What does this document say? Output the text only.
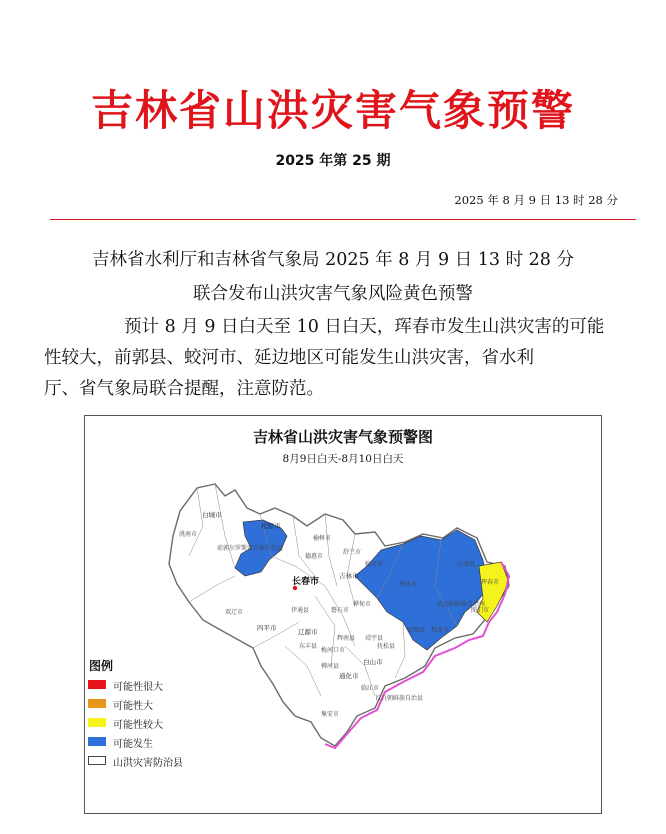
吉林省山洪灾害气象预警
2025 年第 25 期
2025 年 8 月 9 日 13 时 28 分
吉林省水利厅和吉林省气象局 2025 年 8 月 9 日 13 时 28 分
联合发布山洪灾害气象风险黄色预警
预计 8 月 9 日白天至 10 日白天，珲春市发生山洪灾害的可能
性较大，前郭县、蛟河市、延边地区可能发生山洪灾害，省水利
厅、省气象局联合提醒，注意防范。
吉林省山洪灾害气象预警图
8月9日白天-8月10日白天
白城市
松原市
长春市
吉林市
四平市	辽源市
通化市
白山市
延边朝鲜族自治州
珲春市
敦化市
安图县 和龙市
汪清县
蛟河市
舒兰市
桦甸市
磐石市
榆树市
前郭尔罗斯蒙古族自治县
图们市
长白朝鲜族自治县
集安市
临江市
抚松县
靖宇县
辉南县
梅河口市
柳河县
洮南市
双辽市
东丰县
伊通县
德惠市
图例
可能性很大
可能性大
可能性较大
可能发生
山洪灾害防治县
